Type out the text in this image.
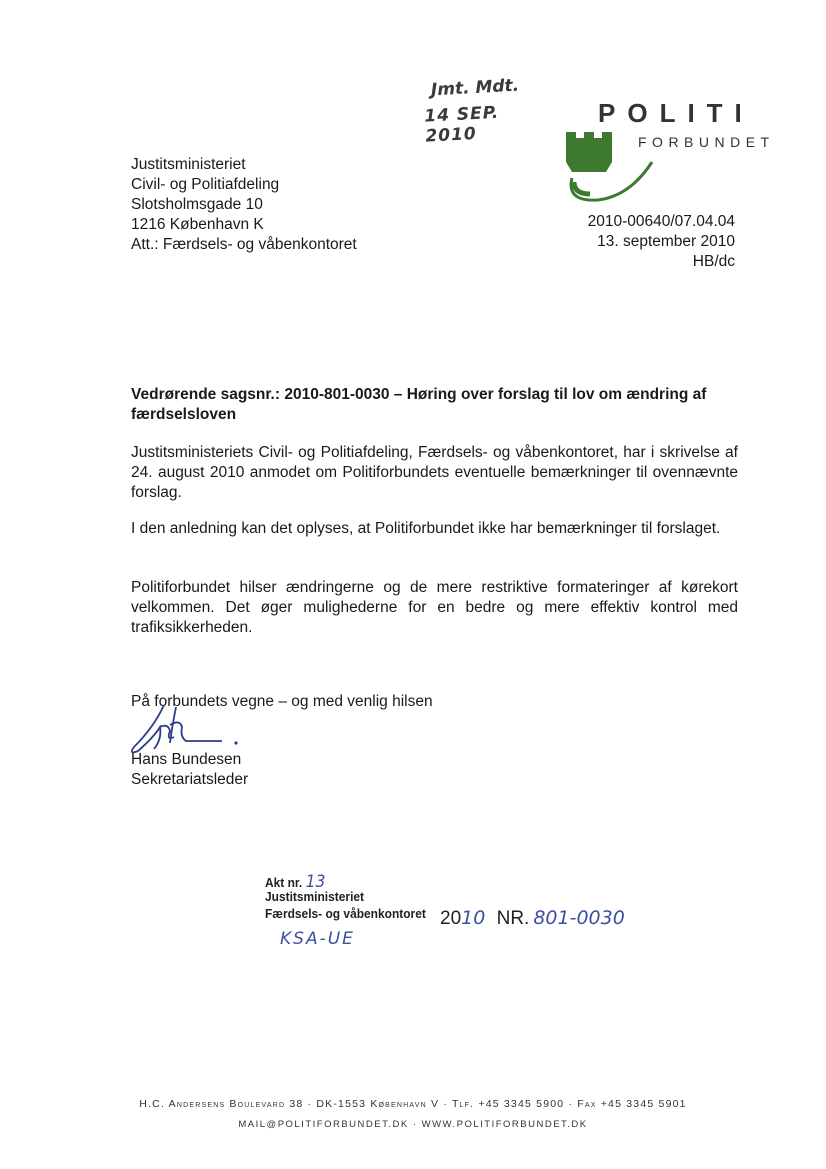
Jmt. Mdt.
14 SEP. 2010
POLITI
FORBUNDET
Justitsministeriet
Civil- og Politiafdeling
Slotsholmsgade 10
1216 København K
Att.: Færdsels- og våbenkontoret
2010-00640/07.04.04
13. september 2010
HB/dc
Vedrørende sagsnr.: 2010-801-0030 – Høring over forslag til lov om ændring af færdselsloven
Justitsministeriets Civil- og Politiafdeling, Færdsels- og våbenkontoret, har i skrivelse af 24. august 2010 anmodet om Politiforbundets eventuelle bemærkninger til ovennævnte forslag.
I den anledning kan det oplyses, at Politiforbundet ikke har bemærkninger til forslaget.
Politiforbundet hilser ændringerne og de mere restriktive formateringer af kørekort velkommen. Det øger mulighederne for en bedre og mere effektiv kontrol med trafiksikkerheden.
På forbundets vegne – og med venlig hilsen
Hans Bundesen
Sekretariatsleder
Akt nr. 13
Justitsministeriet
Færdsels- og våbenkontoret 2010 NR. 801-0030
KSA-UE
H.C. Andersens Boulevard 38 · DK-1553 København V · Tlf. +45 3345 5900 · Fax +45 3345 5901
MAIL@POLITIFORBUNDET.DK · WWW.POLITIFORBUNDET.DK
